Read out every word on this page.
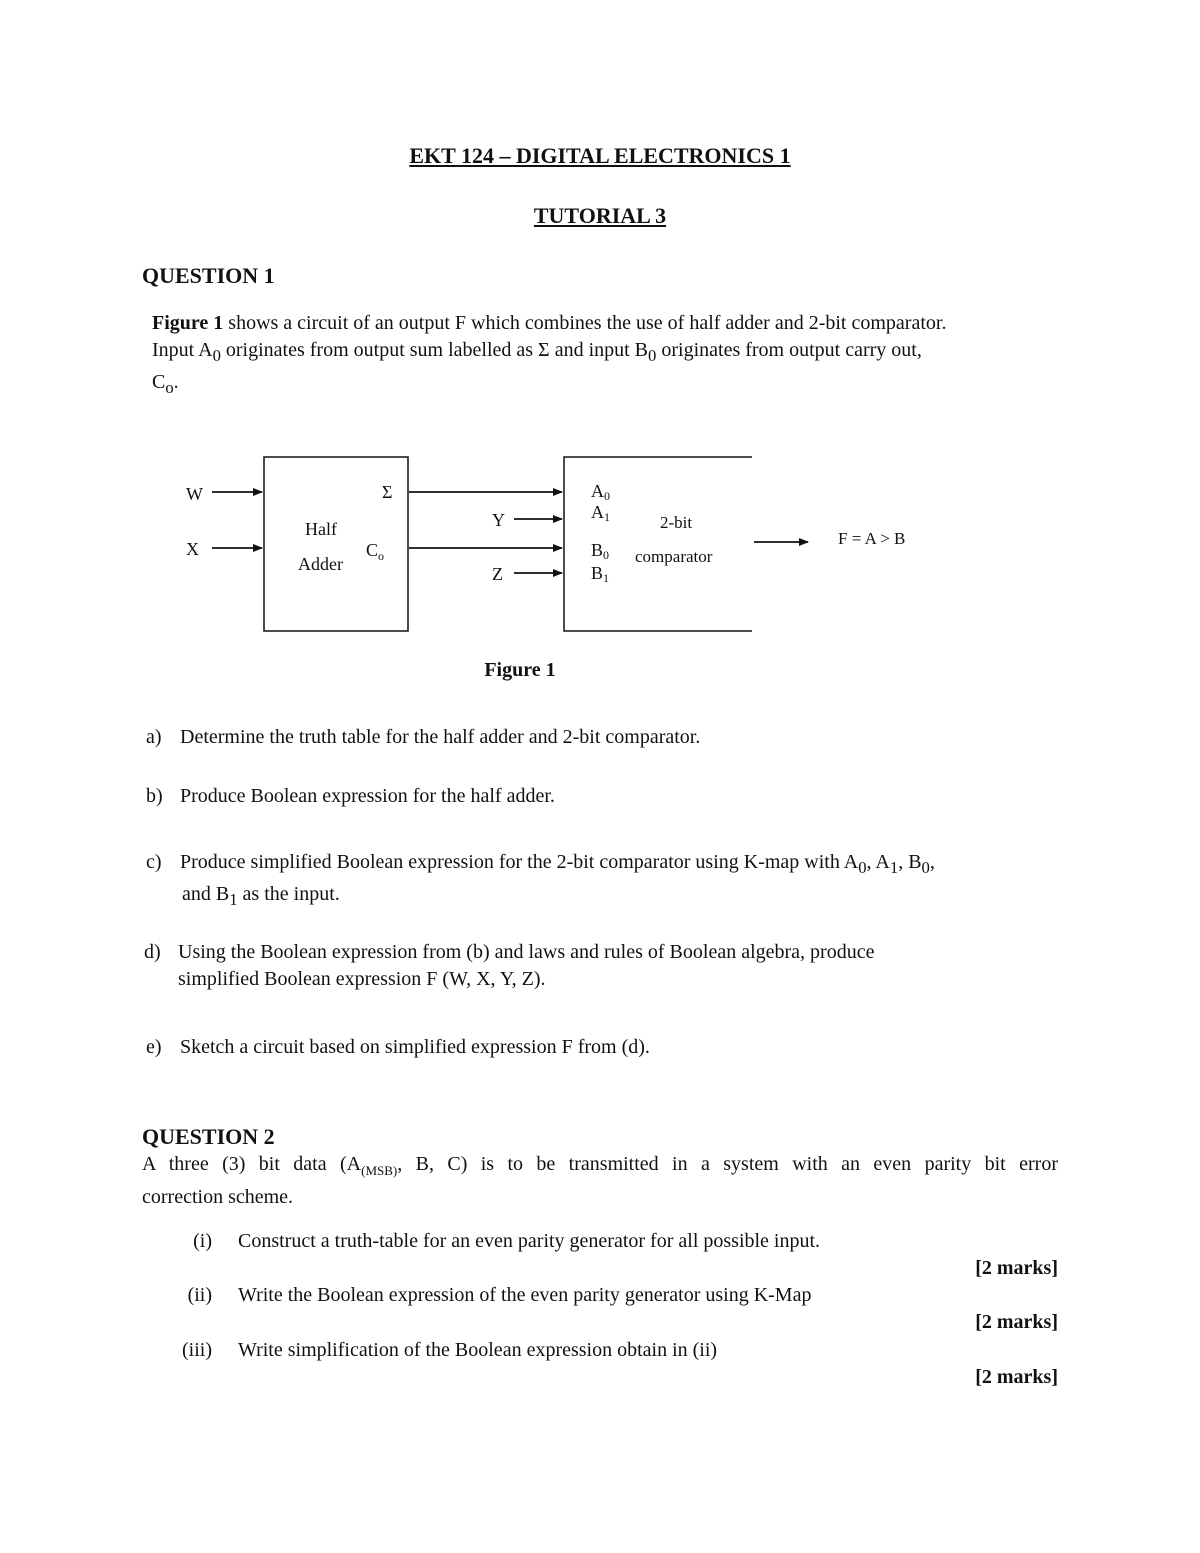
EKT 124 – DIGITAL ELECTRONICS 1
TUTORIAL 3
QUESTION 1
Figure 1 shows a circuit of an output F which combines the use of half adder and 2-bit comparator.
Input $A_0$ originates from output sum labelled as Σ and input $B_0$ originates from output carry out,
$C_o$.
W
X
Half
Adder
Σ
$C_o$
Y
Z
A0
A1
B0
B1
2-bit
comparator
F = A > B
Figure 1
a) Determine the truth table for the half adder and 2-bit comparator.
b) Produce Boolean expression for the half adder.
c) Produce simplified Boolean expression for the 2-bit comparator using K-map with $A_0$, $A_1$, $B_0$,
and $B_1$ as the input.
d) Using the Boolean expression from (b) and laws and rules of Boolean algebra, produce
simplified Boolean expression F (W, X, Y, Z).
e) Sketch a circuit based on simplified expression F from (d).
QUESTION 2
A three (3) bit data ($A_{(MSB)}$, B, C) is to be transmitted in a system with an even parity bit error
correction scheme.
(i) Construct a truth-table for an even parity generator for all possible input.
[2 marks]
(ii) Write the Boolean expression of the even parity generator using K-Map
[2 marks]
(iii) Write simplification of the Boolean expression obtain in (ii)
[2 marks]
